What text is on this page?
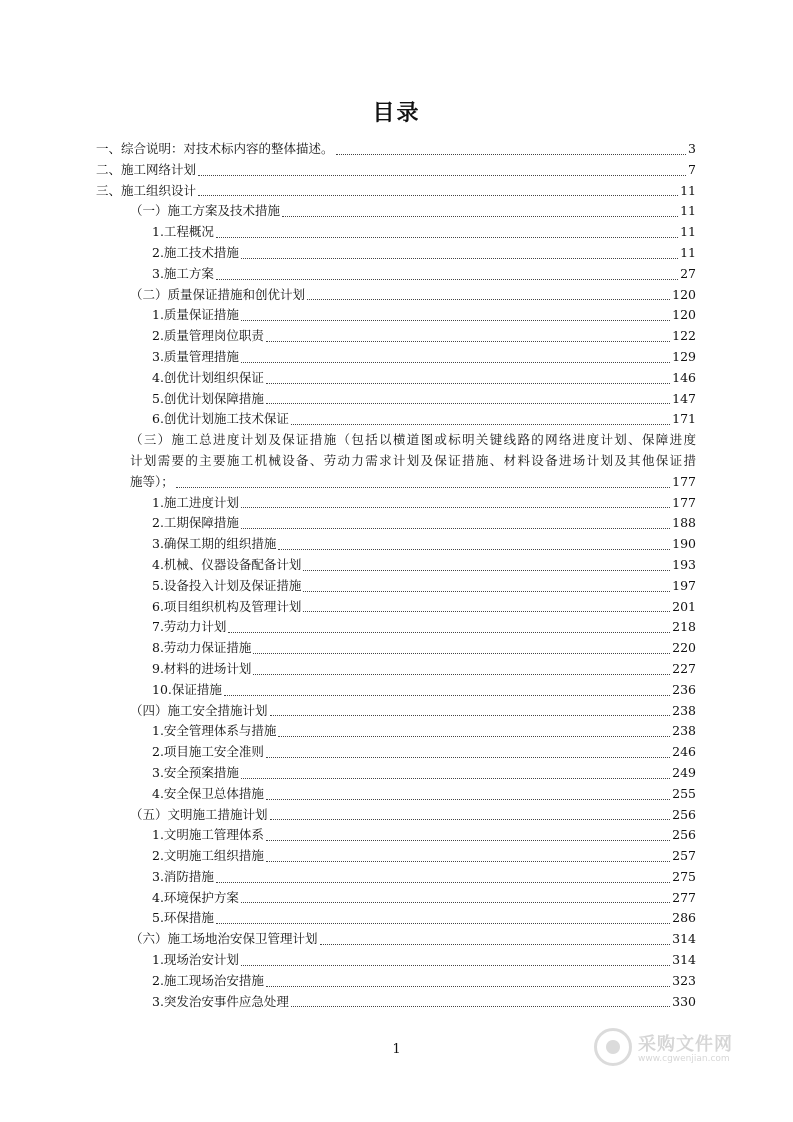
目录
一、综合说明：对技术标内容的整体描述。	3
二、施工网络计划	7
三、施工组织设计	11
（一）施工方案及技术措施	11
1.工程概况	11
2.施工技术措施	11
3.施工方案	27
（二）质量保证措施和创优计划	120
1.质量保证措施	120
2.质量管理岗位职责	122
3.质量管理措施	129
4.创优计划组织保证	146
5.创优计划保障措施	147
6.创优计划施工技术保证	171
（三）施工总进度计划及保证措施（包括以横道图或标明关键线路的网络进度计划、保障进度
计划需要的主要施工机械设备、劳动力需求计划及保证措施、材料设备进场计划及其他保证措
施等）；	177
1.施工进度计划	177
2.工期保障措施	188
3.确保工期的组织措施	190
4.机械、仪器设备配备计划	193
5.设备投入计划及保证措施	197
6.项目组织机构及管理计划	201
7.劳动力计划	218
8.劳动力保证措施	220
9.材料的进场计划	227
10.保证措施	236
（四）施工安全措施计划	238
1.安全管理体系与措施	238
2.项目施工安全准则	246
3.安全预案措施	249
4.安全保卫总体措施	255
（五）文明施工措施计划	256
1.文明施工管理体系	256
2.文明施工组织措施	257
3.消防措施	275
4.环境保护方案	277
5.环保措施	286
（六）施工场地治安保卫管理计划	314
1.现场治安计划	314
2.施工现场治安措施	323
3.突发治安事件应急处理	330
1	采购文件网
www.cgwenjian.com
